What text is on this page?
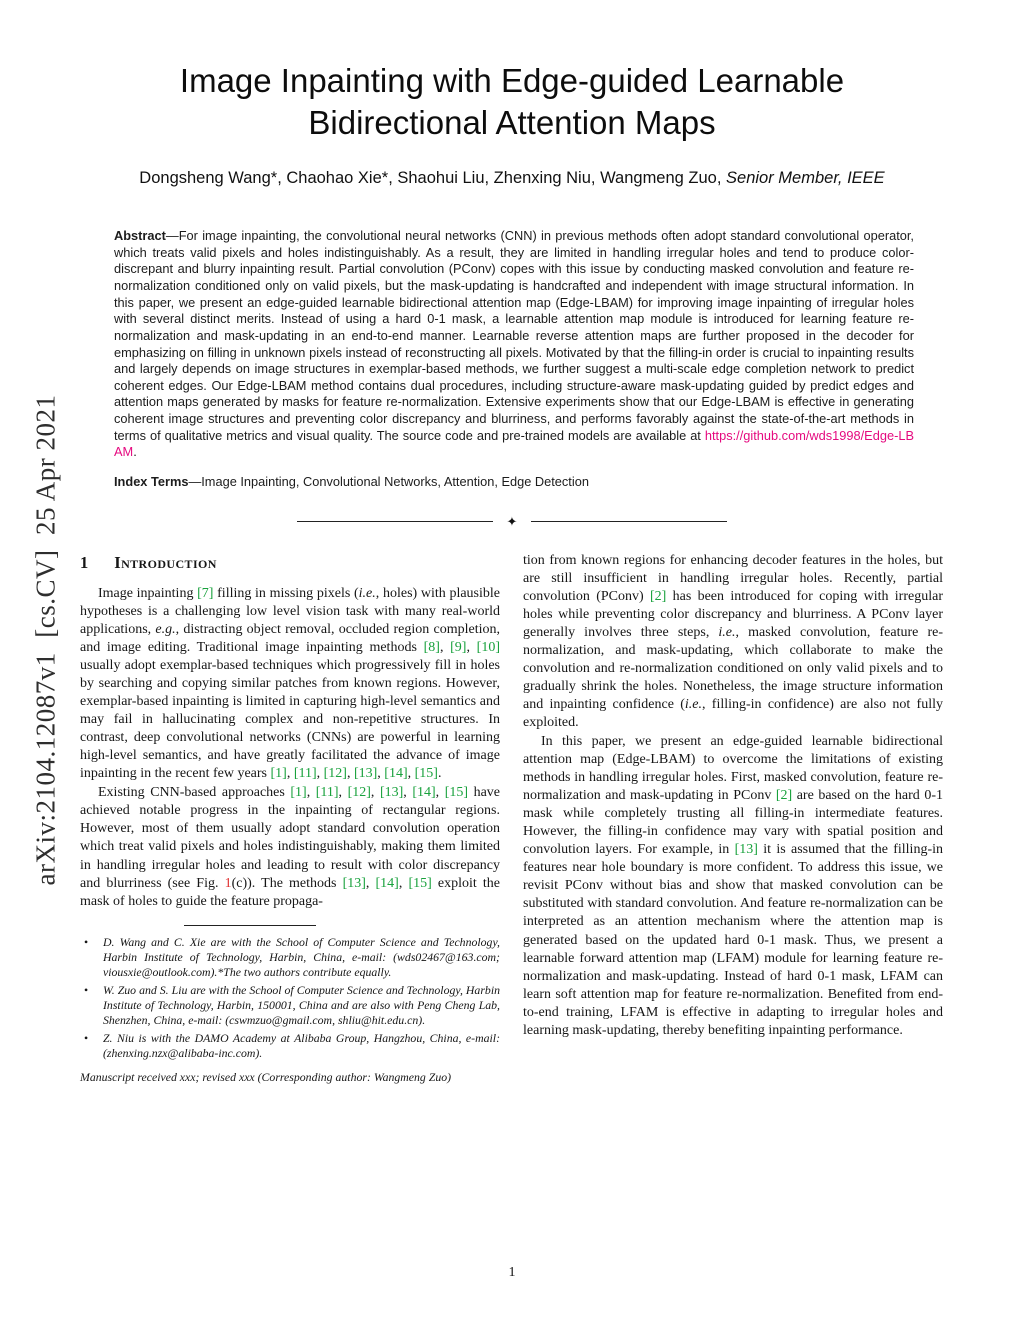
arXiv:2104.12087v1  [cs.CV]  25 Apr 2021
Image Inpainting with Edge-guided Learnable Bidirectional Attention Maps
Dongsheng Wang*, Chaohao Xie*, Shaohui Liu, Zhenxing Niu, Wangmeng Zuo, Senior Member, IEEE

Abstract—For image inpainting, the convolutional neural networks (CNN) in previous methods often adopt standard convolutional operator, which treats valid pixels and holes indistinguishably. As a result, they are limited in handling irregular holes and tend to produce color-discrepant and blurry inpainting result. Partial convolution (PConv) copes with this issue by conducting masked convolution and feature re-normalization conditioned only on valid pixels, but the mask-updating is handcrafted and independent with image structural information. In this paper, we present an edge-guided learnable bidirectional attention map (Edge-LBAM) for improving image inpainting of irregular holes with several distinct merits. Instead of using a hard 0-1 mask, a learnable attention map module is introduced for learning feature re-normalization and mask-updating in an end-to-end manner. Learnable reverse attention maps are further proposed in the decoder for emphasizing on filling in unknown pixels instead of reconstructing all pixels. Motivated by that the filling-in order is crucial to inpainting results and largely depends on image structures in exemplar-based methods, we further suggest a multi-scale edge completion network to predict coherent edges. Our Edge-LBAM method contains dual procedures, including structure-aware mask-updating guided by predict edges and attention maps generated by masks for feature re-normalization. Extensive experiments show that our Edge-LBAM is effective in generating coherent image structures and preventing color discrepancy and blurriness, and performs favorably against the state-of-the-art methods in terms of qualitative metrics and visual quality. The source code and pre-trained models are available at https://github.com/wds1998/Edge-LBAM.

Index Terms—Image Inpainting, Convolutional Networks, Attention, Edge Detection

✦
1 Introduction

Image inpainting [7] filling in missing pixels (i.e., holes) with plausible hypotheses is a challenging low level vision task with many real-world applications, e.g., distracting object removal, occluded region completion, and image editing. Traditional image inpainting methods [8], [9], [10] usually adopt exemplar-based techniques which progressively fill in holes by searching and copying similar patches from known regions. However, exemplar-based inpainting is limited in capturing high-level semantics and may fail in hallucinating complex and non-repetitive structures. In contrast, deep convolutional networks (CNNs) are powerful in learning high-level semantics, and have greatly facilitated the advance of image inpainting in the recent few years [1], [11], [12], [13], [14], [15].

Existing CNN-based approaches [1], [11], [12], [13], [14], [15] have achieved notable progress in the inpainting of rectangular regions. However, most of them usually adopt standard convolution operation which treat valid pixels and holes indistinguishably, making them limited in handling irregular holes and leading to result with color discrepancy and blurriness (see Fig. 1(c)). The methods [13], [14], [15] exploit the mask of holes to guide the feature propaga-

•	D. Wang and C. Xie are with the School of Computer Science and Technology, Harbin Institute of Technology, Harbin, China, e-mail: (wds02467@163.com; viousxie@outlook.com).*The two authors contribute equally.
•	W. Zuo and S. Liu are with the School of Computer Science and Technology, Harbin Institute of Technology, Harbin, 150001, China and are also with Peng Cheng Lab, Shenzhen, China, e-mail: (cswmzuo@gmail.com, shliu@hit.edu.cn).
•	Z. Niu is with the DAMO Academy at Alibaba Group, Hangzhou, China, e-mail: (zhenxing.nzx@alibaba-inc.com).
Manuscript received xxx; revised xxx (Corresponding author: Wangmeng Zuo)

tion from known regions for enhancing decoder features in the holes, but are still insufficient in handling irregular holes. Recently, partial convolution (PConv) [2] has been introduced for coping with irregular holes while preventing color discrepancy and blurriness. A PConv layer generally involves three steps, i.e., masked convolution, feature re-normalization, and mask-updating, which collaborate to make the convolution and re-normalization conditioned on only valid pixels and to gradually shrink the holes. Nonetheless, the image structure information and inpainting confidence (i.e., filling-in confidence) are also not fully exploited.

In this paper, we present an edge-guided learnable bidirectional attention map (Edge-LBAM) to overcome the limitations of existing methods in handling irregular holes. First, masked convolution, feature re-normalization and mask-updating in PConv [2] are based on the hard 0-1 mask while completely trusting all filling-in intermediate features. However, the filling-in confidence may vary with spatial position and convolution layers. For example, in [13] it is assumed that the filling-in features near hole boundary is more confident. To address this issue, we revisit PConv without bias and show that masked convolution can be substituted with standard convolution. And feature re-normalization can be interpreted as an attention mechanism where the attention map is generated based on the updated hard 0-1 mask. Thus, we present a learnable forward attention map (LFAM) module for learning feature re-normalization and mask-updating. Instead of hard 0-1 mask, LFAM can learn soft attention map for feature re-normalization. Benefited from end-to-end training, LFAM is effective in adapting to irregular holes and learning mask-updating, thereby benefiting inpainting performance.

1
